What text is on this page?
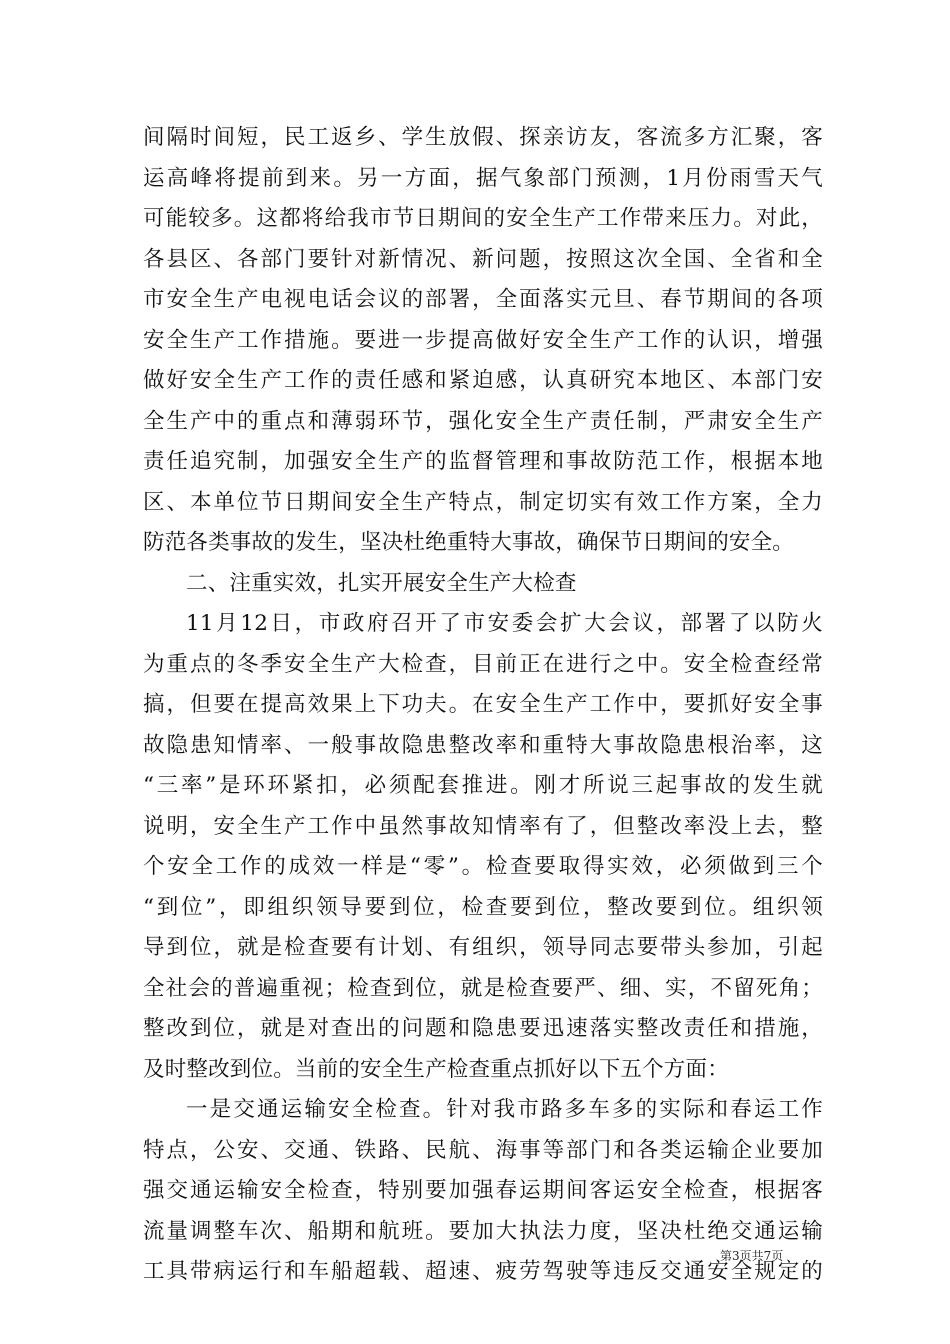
间隔时间短，民工返乡、学生放假、探亲访友，客流多方汇聚，客
运高峰将提前到来。另一方面，据气象部门预测，1月份雨雪天气
可能较多。这都将给我市节日期间的安全生产工作带来压力。对此，
各县区、各部门要针对新情况、新问题，按照这次全国、全省和全
市安全生产电视电话会议的部署，全面落实元旦、春节期间的各项
安全生产工作措施。要进一步提高做好安全生产工作的认识，增强
做好安全生产工作的责任感和紧迫感，认真研究本地区、本部门安
全生产中的重点和薄弱环节，强化安全生产责任制，严肃安全生产
责任追究制，加强安全生产的监督管理和事故防范工作，根据本地
区、本单位节日期间安全生产特点，制定切实有效工作方案，全力
防范各类事故的发生，坚决杜绝重特大事故，确保节日期间的安全。
二、注重实效，扎实开展安全生产大检查
11月12日，市政府召开了市安委会扩大会议，部署了以防火
为重点的冬季安全生产大检查，目前正在进行之中。安全检查经常
搞，但要在提高效果上下功夫。在安全生产工作中，要抓好安全事
故隐患知情率、一般事故隐患整改率和重特大事故隐患根治率，这
“三率”是环环紧扣，必须配套推进。刚才所说三起事故的发生就
说明，安全生产工作中虽然事故知情率有了，但整改率没上去，整
个安全工作的成效一样是“零”。检查要取得实效，必须做到三个
“到位”，即组织领导要到位，检查要到位，整改要到位。组织领
导到位，就是检查要有计划、有组织，领导同志要带头参加，引起
全社会的普遍重视；检查到位，就是检查要严、细、实，不留死角；
整改到位，就是对查出的问题和隐患要迅速落实整改责任和措施，
及时整改到位。当前的安全生产检查重点抓好以下五个方面：
一是交通运输安全检查。针对我市路多车多的实际和春运工作
特点，公安、交通、铁路、民航、海事等部门和各类运输企业要加
强交通运输安全检查，特别要加强春运期间客运安全检查，根据客
流量调整车次、船期和航班。要加大执法力度，坚决杜绝交通运输
工具带病运行和车船超载、超速、疲劳驾驶等违反交通安全规定的
第3页共7页
